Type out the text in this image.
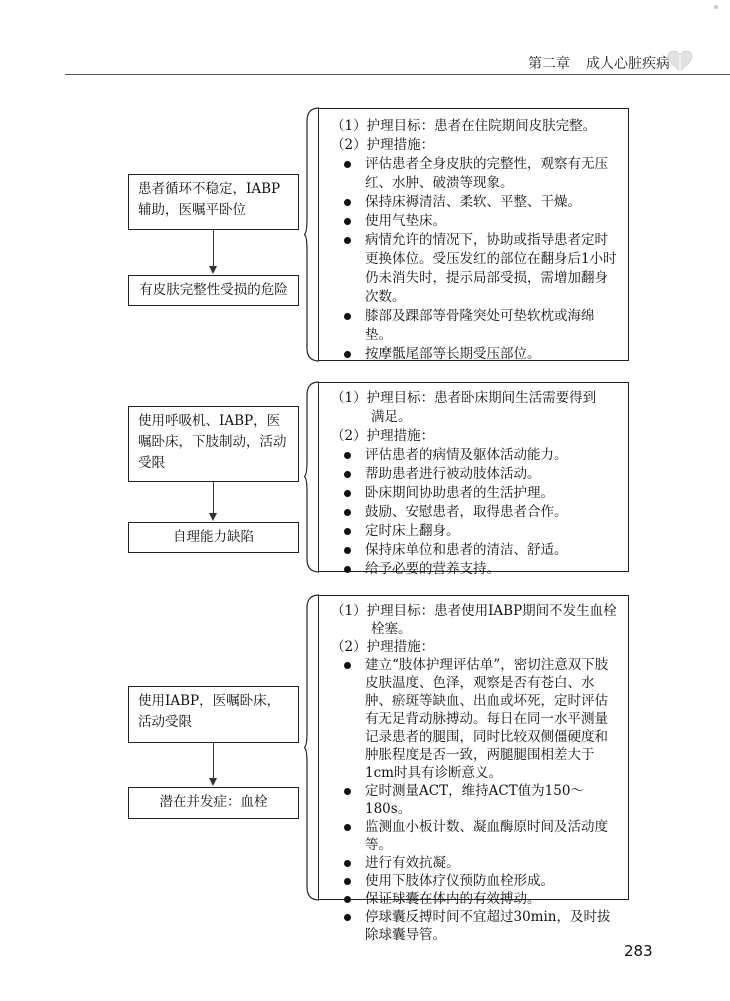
第二章 成人心脏疾病
患者循环不稳定，IABP辅助，医嘱平卧位
有皮肤完整性受损的危险

（1）护理目标：患者在住院期间皮肤完整。

（2）护理措施：

评估患者全身皮肤的完整性，观察有无压红、水肿、破溃等现象。
保持床褥清洁、柔软、平整、干燥。
使用气垫床。
病情允许的情况下，协助或指导患者定时更换体位。受压发红的部位在翻身后1小时仍未消失时，提示局部受损，需增加翻身次数。
膝部及踝部等骨隆突处可垫软枕或海绵垫。
按摩骶尾部等长期受压部位。
使用呼吸机、IABP，医嘱卧床，下肢制动，活动受限
自理能力缺陷

（1）护理目标：患者卧床期间生活需要得到

满足。

（2）护理措施：

评估患者的病情及躯体活动能力。
帮助患者进行被动肢体活动。
卧床期间协助患者的生活护理。
鼓励、安慰患者，取得患者合作。
定时床上翻身。
保持床单位和患者的清洁、舒适。
给予必要的营养支持。
使用IABP，医嘱卧床，活动受限
潜在并发症：血栓

（1）护理目标：患者使用IABP期间不发生血栓

栓塞。

（2）护理措施：

建立“肢体护理评估单”，密切注意双下肢皮肤温度、色泽，观察是否有苍白、水肿、瘀斑等缺血、出血或坏死，定时评估有无足背动脉搏动。每日在同一水平测量记录患者的腿围，同时比较双侧僵硬度和肿胀程度是否一致，两腿腿围相差大于1cm时具有诊断意义。
定时测量ACT，维持ACT值为150～180s。
监测血小板计数、凝血酶原时间及活动度等。
进行有效抗凝。
使用下肢体疗仪预防血栓形成。
保证球囊在体内的有效搏动。
停球囊反搏时间不宜超过30min，及时拔除球囊导管。
283
